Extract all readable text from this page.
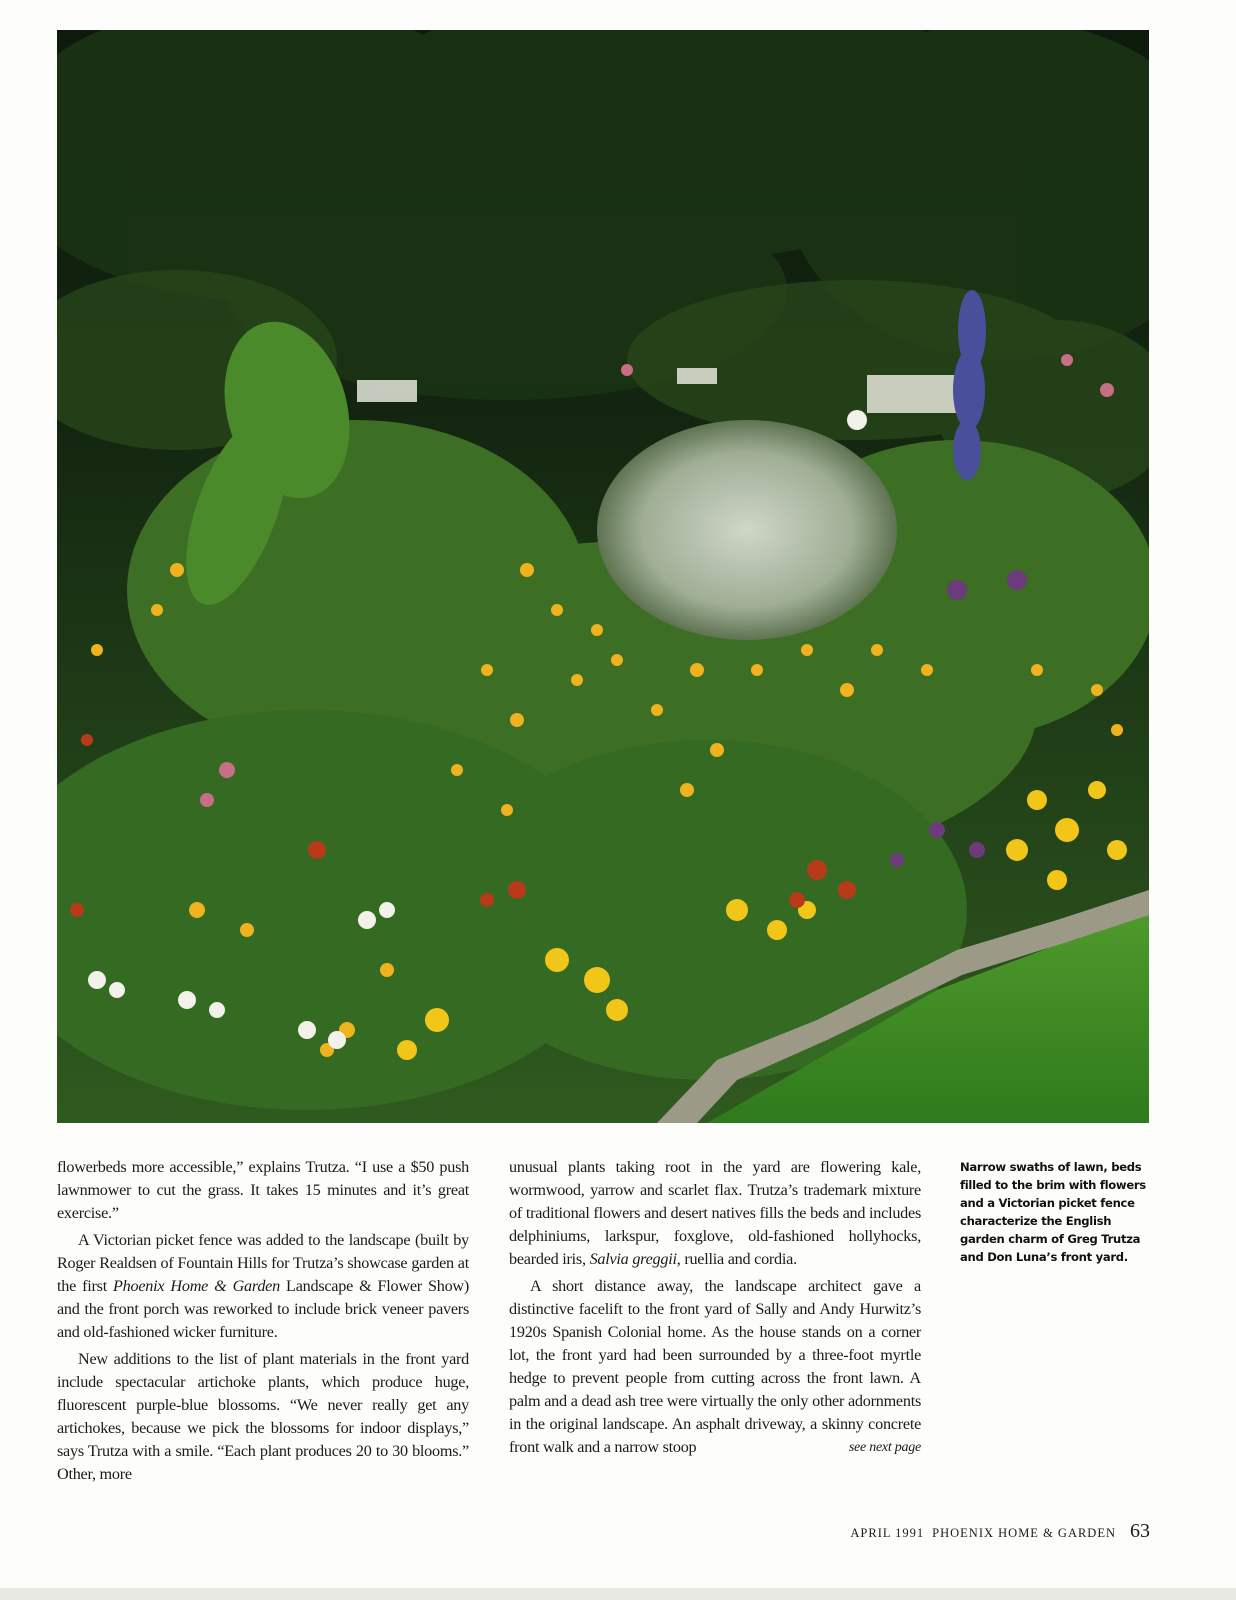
flowerbeds more accessible,” explains Trutza. “I use a $50 push lawnmower to cut the grass. It takes 15 minutes and it’s great exercise.”

A Victorian picket fence was added to the landscape (built by Roger Realdsen of Fountain Hills for Trutza’s showcase garden at the first Phoenix Home & Garden Landscape & Flower Show) and the front porch was reworked to include brick veneer pavers and old-fashioned wicker furniture.

New additions to the list of plant materials in the front yard include spectacular artichoke plants, which produce huge, fluorescent purple-blue blossoms. “We never really get any artichokes, because we pick the blossoms for indoor displays,” says Trutza with a smile. “Each plant produces 20 to 30 blooms.” Other, more

unusual plants taking root in the yard are flowering kale, wormwood, yarrow and scarlet flax. Trutza’s trademark mixture of traditional flowers and desert natives fills the beds and includes delphiniums, larkspur, foxglove, old-fashioned hollyhocks, bearded iris, Salvia greggii, ruellia and cordia.

A short distance away, the landscape architect gave a distinctive facelift to the front yard of Sally and Andy Hurwitz’s 1920s Spanish Colonial home. As the house stands on a corner lot, the front yard had been surrounded by a three-foot myrtle hedge to prevent people from cutting across the front lawn. A palm and a dead ash tree were virtually the only other adornments in the original landscape. An asphalt driveway, a skinny concrete front walk and a narrow stoop	see next page

Narrow swaths of lawn, beds filled to the brim with flowers and a Victorian picket fence characterize the English garden charm of Greg Trutza and Don Luna’s front yard.
APRIL 1991 PHOENIX HOME & GARDEN 63
